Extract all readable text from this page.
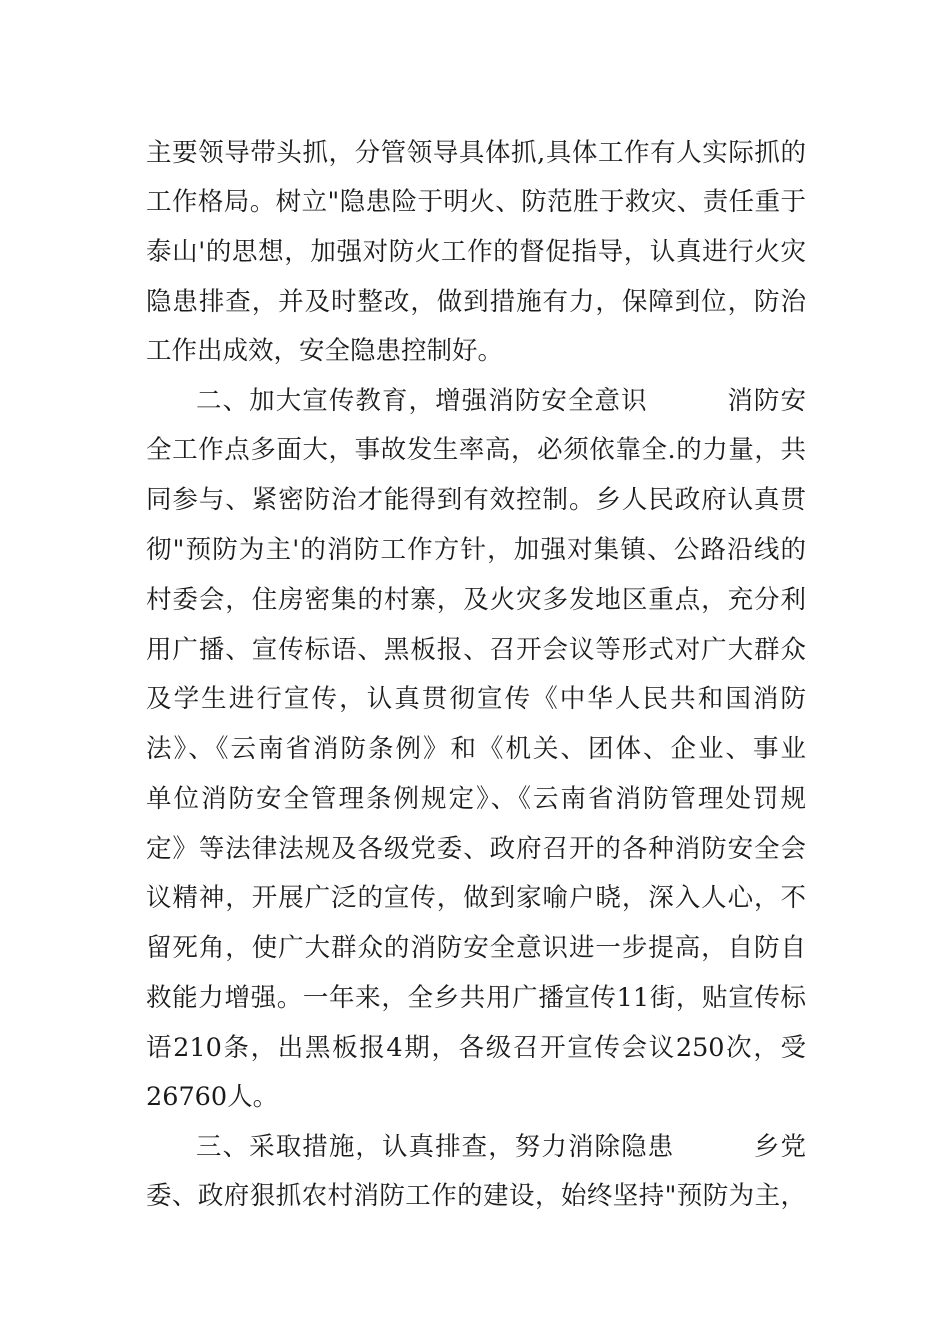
主要领导带头抓，分管领导具体抓,具体工作有人实际抓的
工作格局。树立"隐患险于明火、防范胜于救灾、责任重于
泰山'的思想，加强对防火工作的督促指导，认真进行火灾
隐患排查，并及时整改，做到措施有力，保障到位，防治
工作出成效，安全隐患控制好。
二、加大宣传教育，增强消防安全意识　　　消防安
全工作点多面大，事故发生率高，必须依靠全.的力量，共
同参与、紧密防治才能得到有效控制。乡人民政府认真贯
彻"预防为主'的消防工作方针，加强对集镇、公路沿线的
村委会，住房密集的村寨，及火灾多发地区重点，充分利
用广播、宣传标语、黑板报、召开会议等形式对广大群众
及学生进行宣传，认真贯彻宣传《中华人民共和国消防
法》、《云南省消防条例》和《机关、团体、企业、事业
单位消防安全管理条例规定》、《云南省消防管理处罚规
定》等法律法规及各级党委、政府召开的各种消防安全会
议精神，开展广泛的宣传，做到家喻户晓，深入人心，不
留死角，使广大群众的消防安全意识进一步提高，自防自
救能力增强。一年来，全乡共用广播宣传11街，贴宣传标
语210条，出黑板报4期，各级召开宣传会议250次，受
26760人。
三、采取措施，认真排查，努力消除隐患　　　乡党
委、政府狠抓农村消防工作的建设，始终坚持"预防为主，
